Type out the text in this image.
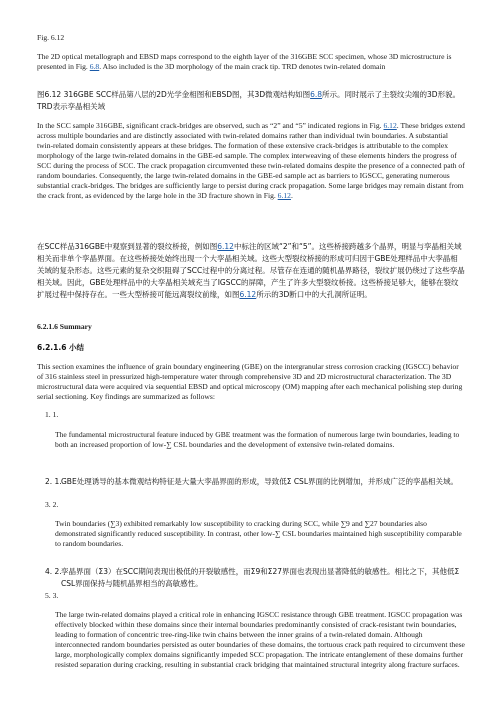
Fig. 6.12

The 2D optical metallograph and EBSD maps correspond to the eighth layer of the 316GBE SCC specimen, whose 3D microstructure is presented in Fig. 6.8. Also included is the 3D morphology of the main crack tip. TRD denotes twin-related domain

图6.12 316GBE SCC样品第八层的2D光学金相图和EBSD图，其3D微观结构如图6.8所示。同时展示了主裂纹尖端的3D形貌。TRD表示孪晶相关域

In the SCC sample 316GBE, significant crack-bridges are observed, such as “2” and “5” indicated regions in Fig. 6.12. These bridges extend across multiple boundaries and are distinctly associated with twin-related domains rather than individual twin boundaries. A substantial twin-related domain consistently appears at these bridges. The formation of these extensive crack-bridges is attributable to the complex morphology of the large twin-related domains in the GBE-ed sample. The complex interweaving of these elements hinders the progress of SCC during the process of SCC. The crack propagation circumvented these twin-related domains despite the presence of a connected path of random boundaries. Consequently, the large twin-related domains in the GBE-ed sample act as barriers to IGSCC, generating numerous substantial crack-bridges. The bridges are sufficiently large to persist during crack propagation. Some large bridges may remain distant from the crack front, as evidenced by the large hole in the 3D fracture shown in Fig. 6.12.

在SCC样品316GBE中观察到显著的裂纹桥接，例如图6.12中标注的区域“2”和“5”。这些桥接跨越多个晶界，明显与孪晶相关域相关而非单个孪晶界面。在这些桥接处始终出现一个大孪晶相关域。这些大型裂纹桥接的形成可归因于GBE处理样品中大孪晶相关域的复杂形态。这些元素的复杂交织阻碍了SCC过程中的分离过程。尽管存在连通的随机晶界路径，裂纹扩展仍绕过了这些孪晶相关域。因此，GBE处理样品中的大孪晶相关域充当了IGSCC的屏障，产生了许多大型裂纹桥接。这些桥接足够大，能够在裂纹扩展过程中保持存在。一些大型桥接可能远离裂纹前缘，如图6.12所示的3D断口中的大孔洞所证明。

6.2.1.6 Summary

6.2.1.6 小结

This section examines the influence of grain boundary engineering (GBE) on the intergranular stress corrosion cracking (IGSCC) behavior of 316 stainless steel in pressurized high-temperature water through comprehensive 3D and 2D microstructural characterization. The 3D microstructural data were acquired via sequential EBSD and optical microscopy (OM) mapping after each mechanical polishing step during serial sectioning. Key findings are summarized as follows:

1. 1.

The fundamental microstructural feature induced by GBE treatment was the formation of numerous large twin boundaries, leading to both an increased proportion of low-∑ CSL boundaries and the development of extensive twin-related domains.

2. 1. GBE处理诱导的基本微观结构特征是大量大孪晶界面的形成，导致低Σ CSL界面的比例增加，并形成广泛的孪晶相关域。

3. 2.

Twin boundaries (∑3) exhibited remarkably low susceptibility to cracking during SCC, while ∑9 and ∑27 boundaries also demonstrated significantly reduced susceptibility. In contrast, other low-∑ CSL boundaries maintained high susceptibility comparable to random boundaries.

4. 2. 孪晶界面（Σ3）在SCC期间表现出极低的开裂敏感性，而Σ9和Σ27界面也表现出显著降低的敏感性。相比之下，其他低Σ CSL界面保持与随机晶界相当的高敏感性。

5. 3.

The large twin-related domains played a critical role in enhancing IGSCC resistance through GBE treatment. IGSCC propagation was effectively blocked within these domains since their internal boundaries predominantly consisted of crack-resistant twin boundaries, leading to formation of concentric tree-ring-like twin chains between the inner grains of a twin-related domain. Although interconnected random boundaries persisted as outer boundaries of these domains, the tortuous crack path required to circumvent these large, morphologically complex domains significantly impeded SCC propagation. The intricate entanglement of these domains further resisted separation during cracking, resulting in substantial crack bridging that maintained structural integrity along fracture surfaces.
